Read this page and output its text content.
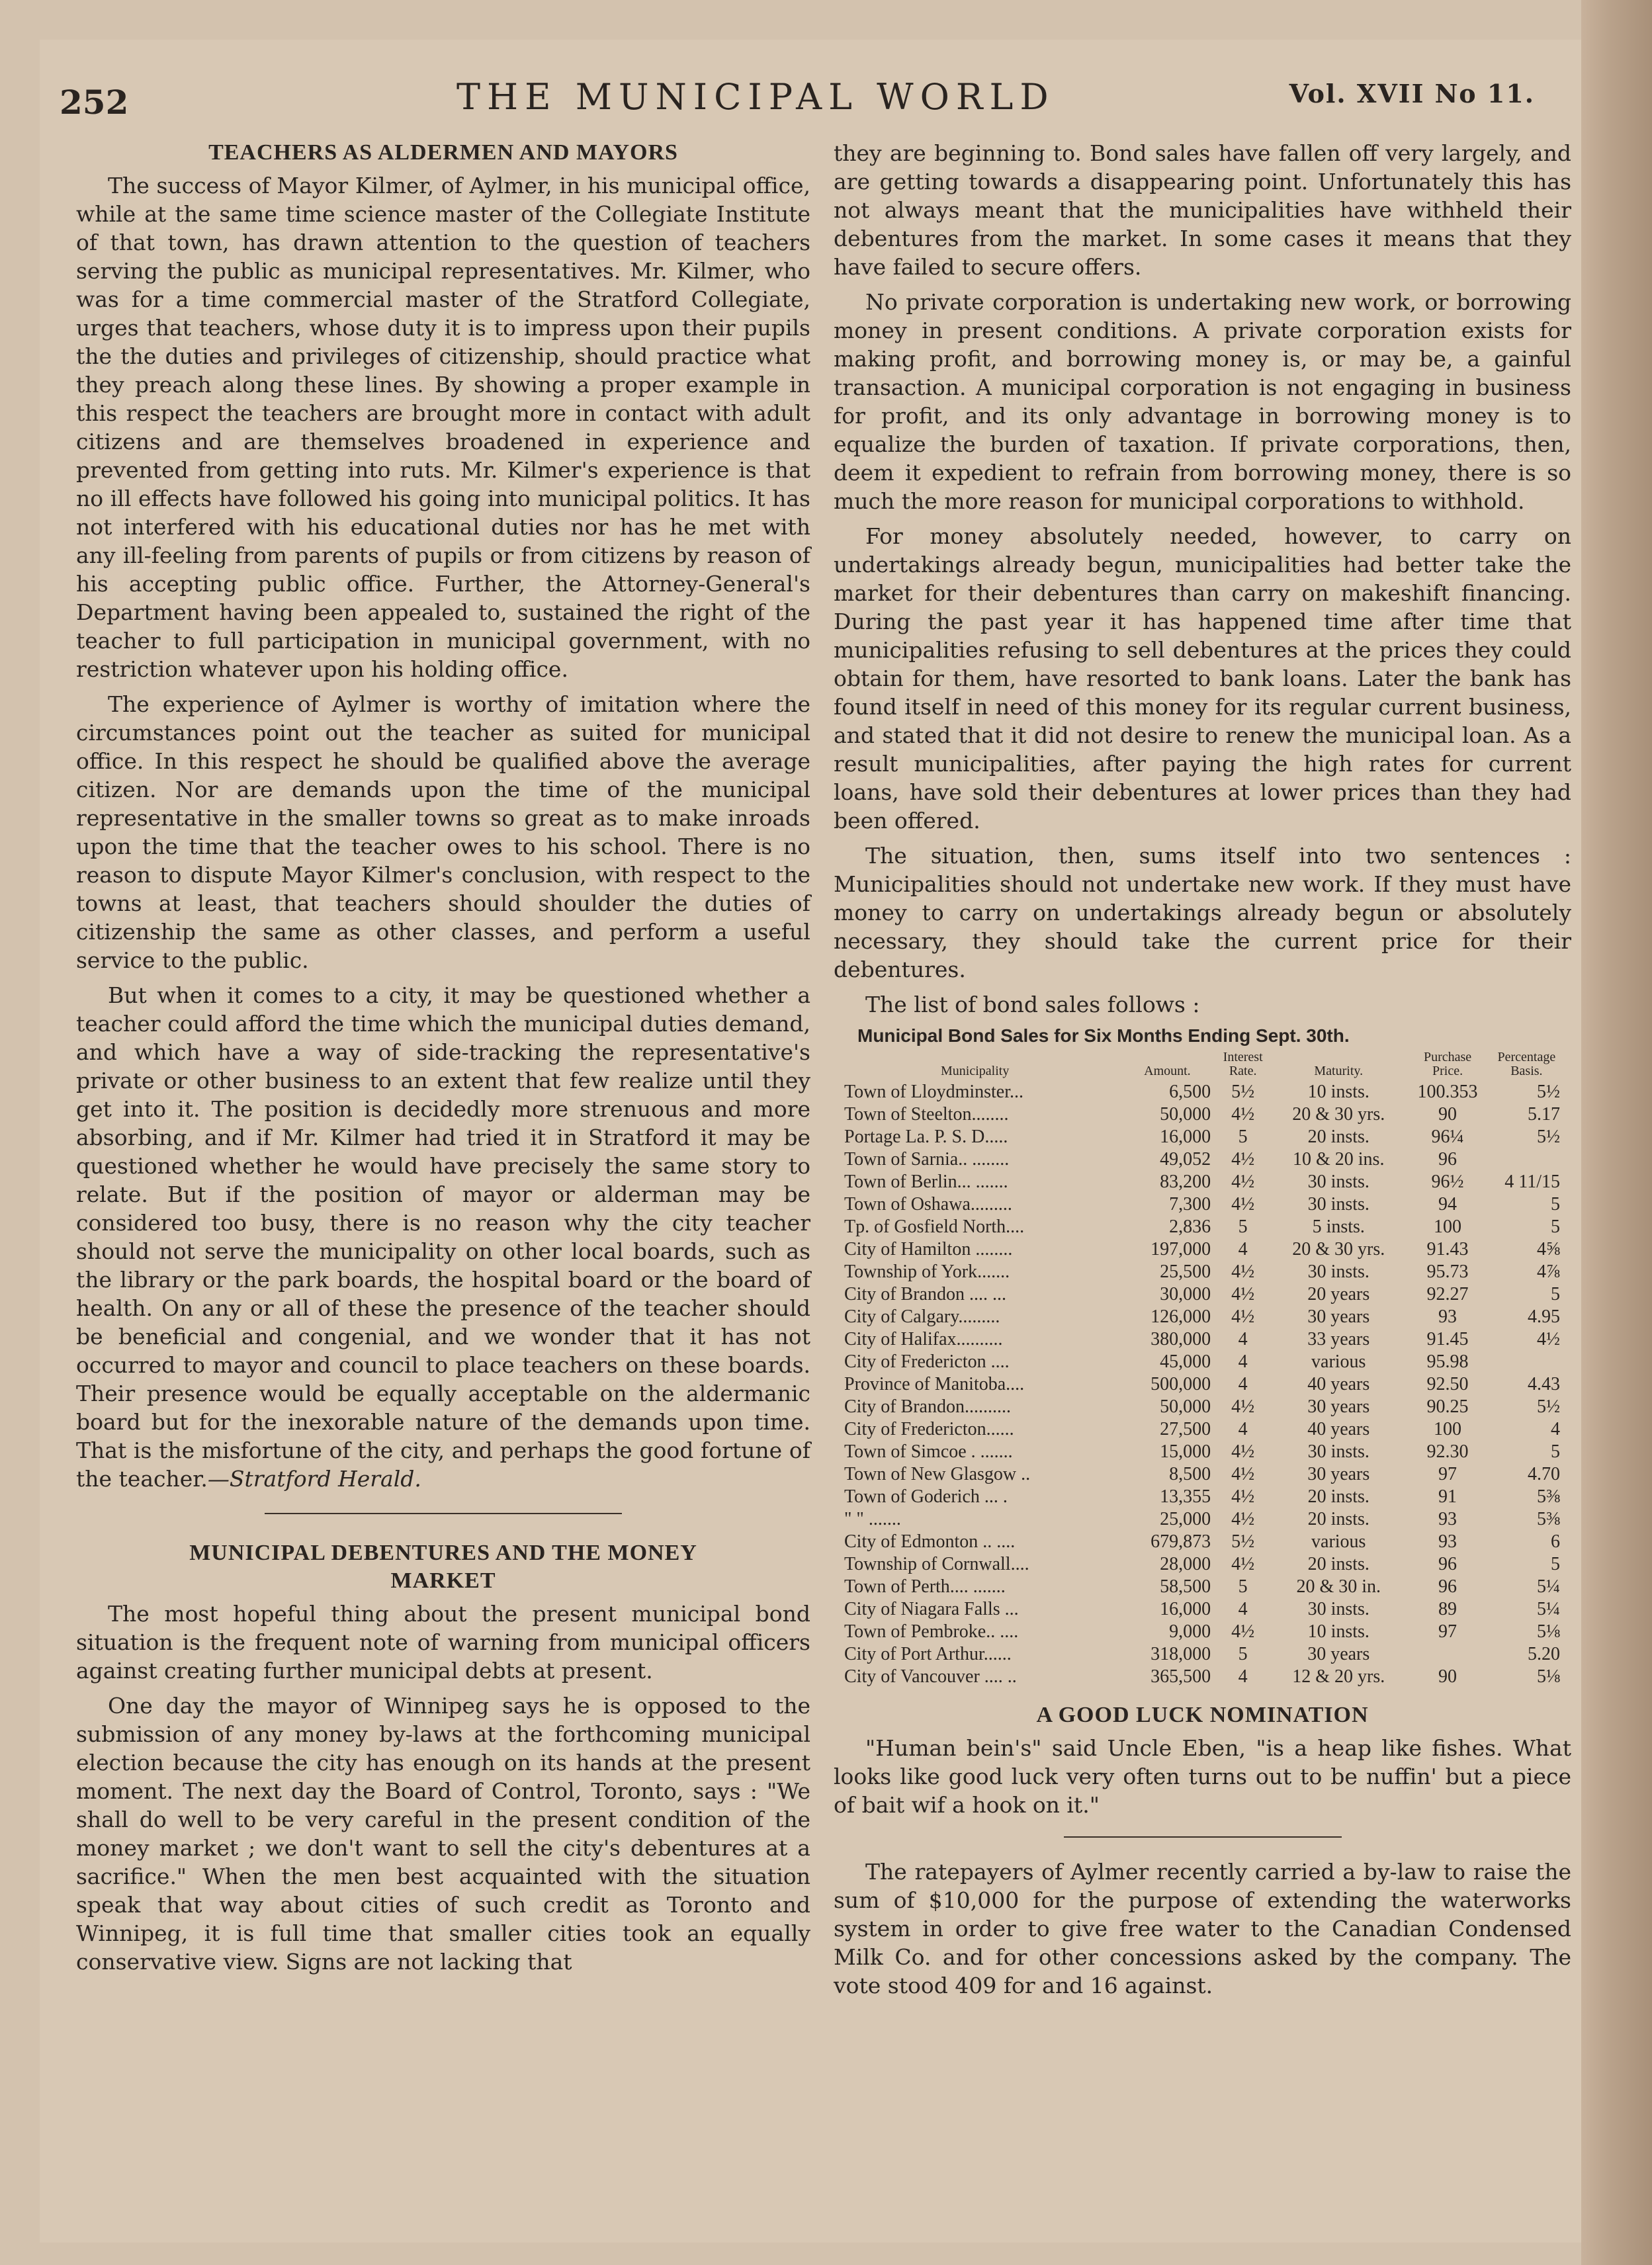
252	THE MUNICIPAL WORLD	Vol. XVII No 11.
TEACHERS AS ALDERMEN AND MAYORS

The success of Mayor Kilmer, of Aylmer, in his municipal office, while at the same time science master of the Collegiate Institute of that town, has drawn attention to the question of teachers serving the public as municipal representatives. Mr. Kilmer, who was for a time commercial master of the Stratford Collegiate, urges that teachers, whose duty it is to impress upon their pupils the the duties and privileges of citizenship, should practice what they preach along these lines. By showing a proper example in this respect the teachers are brought more in contact with adult citizens and are themselves broadened in experience and prevented from getting into ruts. Mr. Kilmer's experience is that no ill effects have followed his going into municipal politics. It has not interfered with his educational duties nor has he met with any ill-feeling from parents of pupils or from citizens by reason of his accepting public office. Further, the Attorney-General's Department having been appealed to, sustained the right of the teacher to full participation in municipal government, with no restriction whatever upon his holding office.

The experience of Aylmer is worthy of imitation where the circumstances point out the teacher as suited for municipal office. In this respect he should be qualified above the average citizen. Nor are demands upon the time of the municipal representative in the smaller towns so great as to make inroads upon the time that the teacher owes to his school. There is no reason to dispute Mayor Kilmer's conclusion, with respect to the towns at least, that teachers should shoulder the duties of citizenship the same as other classes, and perform a useful service to the public.

But when it comes to a city, it may be questioned whether a teacher could afford the time which the municipal duties demand, and which have a way of side-tracking the representative's private or other business to an extent that few realize until they get into it. The position is decidedly more strenuous and more absorbing, and if Mr. Kilmer had tried it in Stratford it may be questioned whether he would have precisely the same story to relate. But if the position of mayor or alderman may be considered too busy, there is no reason why the city teacher should not serve the municipality on other local boards, such as the library or the park boards, the hospital board or the board of health. On any or all of these the presence of the teacher should be beneficial and congenial, and we wonder that it has not occurred to mayor and council to place teachers on these boards. Their presence would be equally acceptable on the aldermanic board but for the inexorable nature of the demands upon time. That is the misfortune of the city, and perhaps the good fortune of the teacher.—Stratford Herald.

MUNICIPAL DEBENTURES AND THE MONEY
MARKET

The most hopeful thing about the present municipal bond situation is the frequent note of warning from municipal officers against creating further municipal debts at present.

One day the mayor of Winnipeg says he is opposed to the submission of any money by-laws at the forthcoming municipal election because the city has enough on its hands at the present moment. The next day the Board of Control, Toronto, says : "We shall do well to be very careful in the present condition of the money market ; we don't want to sell the city's debentures at a sacrifice." When the men best acquainted with the situation speak that way about cities of such credit as Toronto and Winnipeg, it is full time that smaller cities took an equally conservative view. Signs are not lacking that

they are beginning to. Bond sales have fallen off very largely, and are getting towards a disappearing point. Unfortunately this has not always meant that the municipalities have withheld their debentures from the market. In some cases it means that they have failed to secure offers.

No private corporation is undertaking new work, or borrowing money in present conditions. A private corporation exists for making profit, and borrowing money is, or may be, a gainful transaction. A municipal corporation is not engaging in business for profit, and its only advantage in borrowing money is to equalize the burden of taxation. If private corporations, then, deem it expedient to refrain from borrowing money, there is so much the more reason for municipal corporations to withhold.

For money absolutely needed, however, to carry on undertakings already begun, municipalities had better take the market for their debentures than carry on makeshift financing. During the past year it has happened time after time that municipalities refusing to sell debentures at the prices they could obtain for them, have resorted to bank loans. Later the bank has found itself in need of this money for its regular current business, and stated that it did not desire to renew the municipal loan. As a result municipalities, after paying the high rates for current loans, have sold their debentures at lower prices than they had been offered.

The situation, then, sums itself into two sentences : Municipalities should not undertake new work. If they must have money to carry on undertakings already begun or absolutely necessary, they should take the current price for their debentures.

The list of bond sales follows :

Municipal Bond Sales for Six Months Ending Sept. 30th.
Municipality	Amount.	Interest Rate.	Maturity.	Purchase Price.	Percentage Basis.
Town of Lloydminster...	6,500	5½	10 insts.	100.353	5½
Town of Steelton........	50,000	4½	20 & 30 yrs.	90	5.17
Portage La. P. S. D.....	16,000	5	20 insts.	96¼	5½
Town of Sarnia.. ........	49,052	4½	10 & 20 ins.	96	
Town of Berlin... .......	83,200	4½	30 insts.	96½	4 11/15
Town of Oshawa.........	7,300	4½	30 insts.	94	5
Tp. of Gosfield North....	2,836	5	5 insts.	100	5
City of Hamilton ........	197,000	4	20 & 30 yrs.	91.43	4⅝
Township of York.......	25,500	4½	30 insts.	95.73	4⅞
City of Brandon .... ...	30,000	4½	20 years	92.27	5
City of Calgary.........	126,000	4½	30 years	93	4.95
City of Halifax..........	380,000	4	33 years	91.45	4½
City of Fredericton ....	45,000	4	various	95.98	
Province of Manitoba....	500,000	4	40 years	92.50	4.43
City of Brandon..........	50,000	4½	30 years	90.25	5½
City of Fredericton......	27,500	4	40 years	100	4
Town of Simcoe . .......	15,000	4½	30 insts.	92.30	5
Town of New Glasgow ..	8,500	4½	30 years	97	4.70
Town of Goderich ... .	13,355	4½	20 insts.	91	5⅜
" " .......	25,000	4½	20 insts.	93	5⅜
City of Edmonton .. ....	679,873	5½	various	93	6
Township of Cornwall....	28,000	4½	20 insts.	96	5
Town of Perth.... .......	58,500	5	20 & 30 in.	96	5¼
City of Niagara Falls ...	16,000	4	30 insts.	89	5¼
Town of Pembroke.. ....	9,000	4½	10 insts.	97	5⅛
City of Port Arthur......	318,000	5	30 years		5.20
City of Vancouver .... ..	365,500	4	12 & 20 yrs.	90	5⅛
A GOOD LUCK NOMINATION

"Human bein's" said Uncle Eben, "is a heap like fishes. What looks like good luck very often turns out to be nuffin' but a piece of bait wif a hook on it."

The ratepayers of Aylmer recently carried a by-law to raise the sum of $10,000 for the purpose of extending the waterworks system in order to give free water to the Canadian Condensed Milk Co. and for other concessions asked by the company. The vote stood 409 for and 16 against.
